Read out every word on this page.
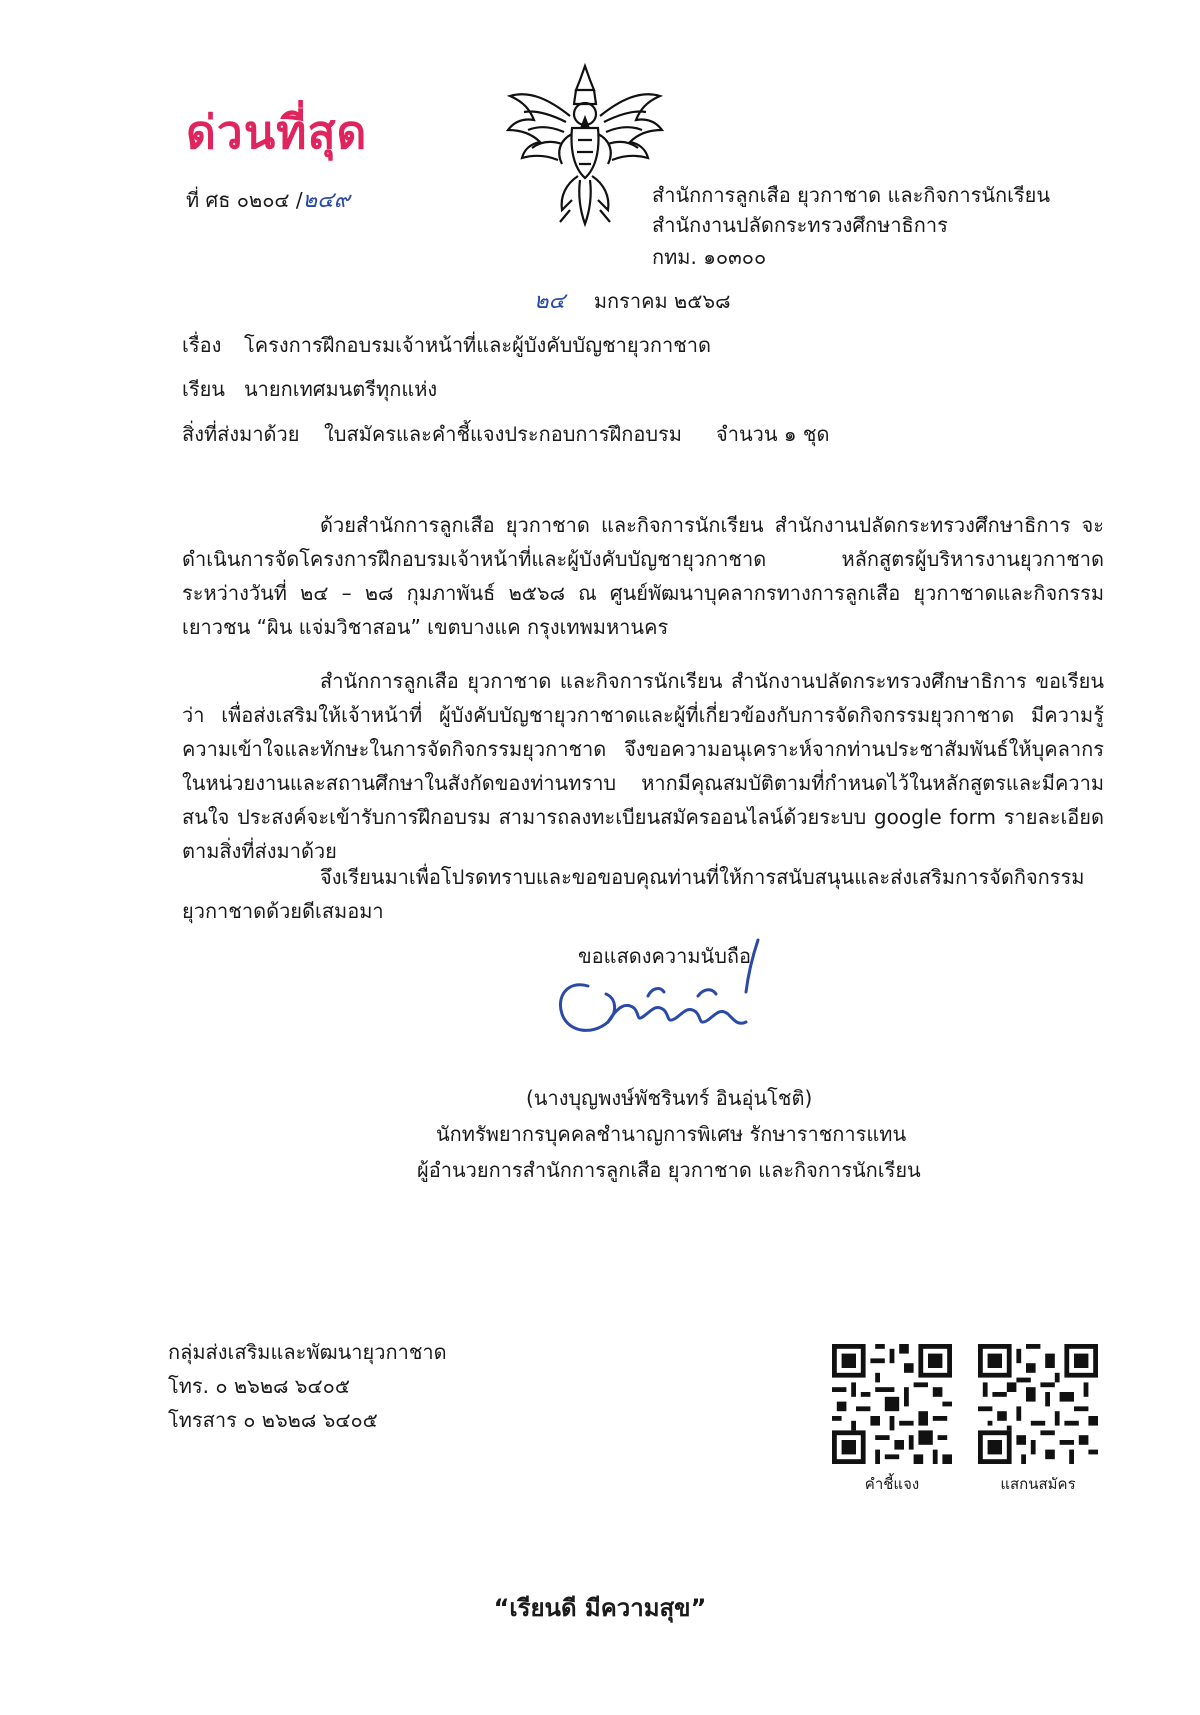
ด่วนที่สุด
ที่ ศธ ๐๒๐๔ /๒๔๙	สำนักการลูกเสือ ยุวกาชาด และกิจการนักเรียน
สำนักงานปลัดกระทรวงศึกษาธิการ
กทม. ๑๐๓๐๐
๒๔ มกราคม ๒๕๖๘
เรื่อง โครงการฝึกอบรมเจ้าหน้าที่และผู้บังคับบัญชายุวกาชาด
เรียน นายกเทศมนตรีทุกแห่ง
สิ่งที่ส่งมาด้วย ใบสมัครและคำชี้แจงประกอบการฝึกอบรม จำนวน ๑ ชุด

ด้วยสำนักการลูกเสือ ยุวกาชาด และกิจการนักเรียน สำนักงานปลัดกระทรวงศึกษาธิการ จะดำเนินการจัดโครงการฝึกอบรมเจ้าหน้าที่และผู้บังคับบัญชายุวกาชาด หลักสูตรผู้บริหารงานยุวกาชาด ระหว่างวันที่ ๒๔ – ๒๘ กุมภาพันธ์ ๒๕๖๘ ณ ศูนย์พัฒนาบุคลากรทางการลูกเสือ ยุวกาชาดและกิจกรรมเยาวชน “ผิน แจ่มวิชาสอน” เขตบางแค กรุงเทพมหานคร

สำนักการลูกเสือ ยุวกาชาด และกิจการนักเรียน สำนักงานปลัดกระทรวงศึกษาธิการ ขอเรียนว่า เพื่อส่งเสริมให้เจ้าหน้าที่ ผู้บังคับบัญชายุวกาชาดและผู้ที่เกี่ยวข้องกับการจัดกิจกรรมยุวกาชาด มีความรู้ ความเข้าใจและทักษะในการจัดกิจกรรมยุวกาชาด จึงขอความอนุเคราะห์จากท่านประชาสัมพันธ์ให้บุคลากร ในหน่วยงานและสถานศึกษาในสังกัดของท่านทราบ หากมีคุณสมบัติตามที่กำหนดไว้ในหลักสูตรและมีความสนใจ ประสงค์จะเข้ารับการฝึกอบรม สามารถลงทะเบียนสมัครออนไลน์ด้วยระบบ google form รายละเอียดตามสิ่งที่ส่งมาด้วย

จึงเรียนมาเพื่อโปรดทราบและขอขอบคุณท่านที่ให้การสนับสนุนและส่งเสริมการจัดกิจกรรม ยุวกาชาดด้วยดีเสมอมา

ขอแสดงความนับถือ
(นางบุญพงษ์พัชรินทร์ อินอุ่นโชติ)
นักทรัพยากรบุคคลชำนาญการพิเศษ รักษาราชการแทน
ผู้อำนวยการสำนักการลูกเสือ ยุวกาชาด และกิจการนักเรียน
กลุ่มส่งเสริมและพัฒนายุวกาชาด
โทร. ๐ ๒๖๒๘ ๖๔๐๕
โทรสาร ๐ ๒๖๒๘ ๖๔๐๕
คำชี้แจง	แสกนสมัคร
“เรียนดี มีความสุข”
